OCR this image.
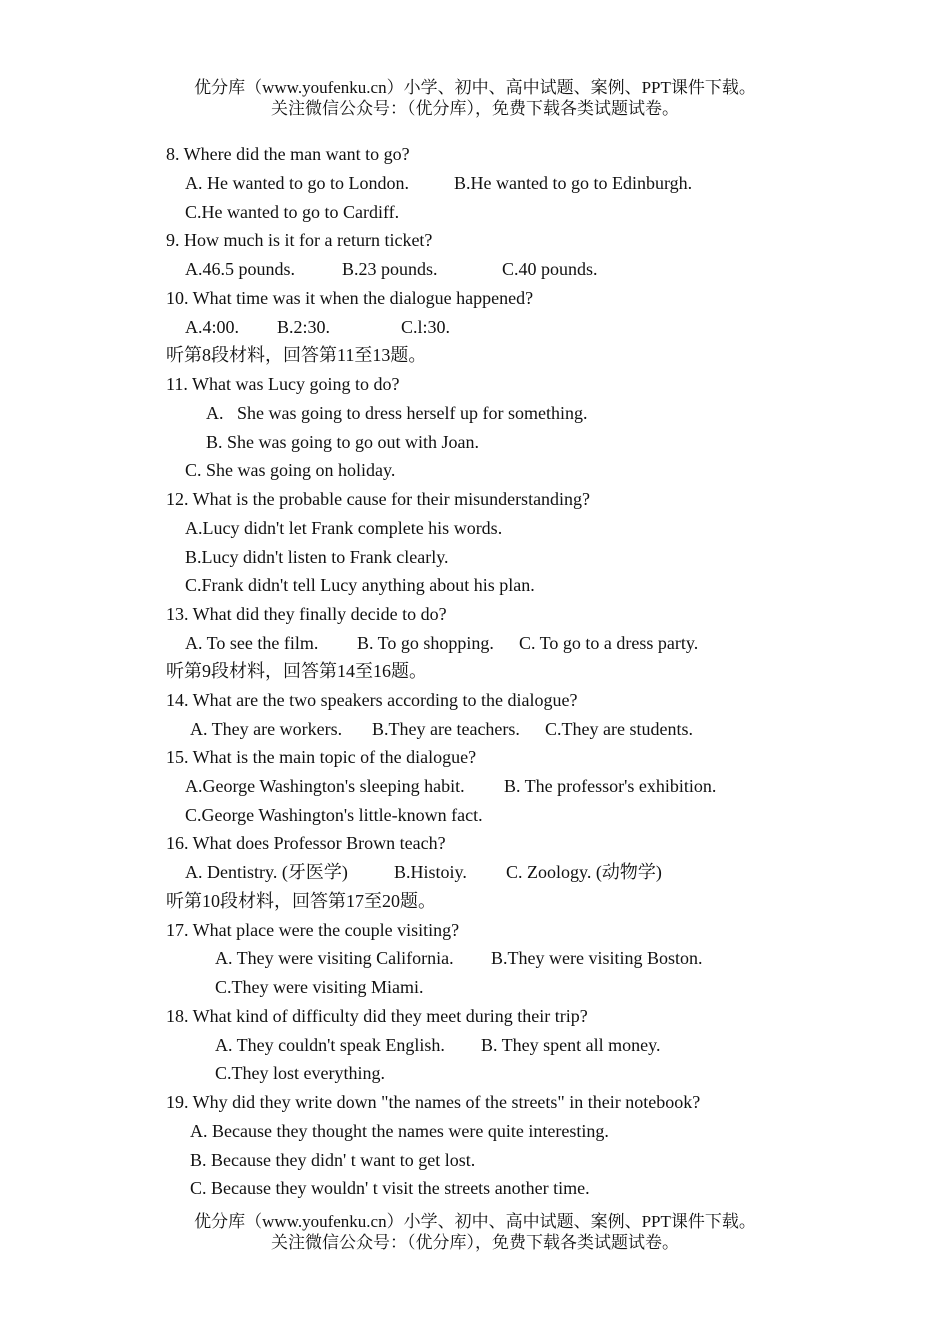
优分库（www.youfenku.cn）小学、初中、高中试题、案例、PPT课件下载。
关注微信公众号：（优分库），免费下载各类试题试卷。
8. Where did the man want to go?
A. He wanted to go to London.	B.He wanted to go to Edinburgh.
C.He wanted to go to Cardiff.
9. How much is it for a return ticket?
A.46.5 pounds.	B.23 pounds.	C.40 pounds.
10. What time was it when the dialogue happened?
A.4:00. B.2:30.	C.l:30.
听第8段材料，回答第11至13题。
11. What was Lucy going to do?
A.   She was going to dress herself up for something.
B. She was going to go out with Joan.
C. She was going on holiday.
12. What is the probable cause for their misunderstanding?
A.Lucy didn't let Frank complete his words.
B.Lucy didn't listen to Frank clearly.
C.Frank didn't tell Lucy anything about his plan.
13. What did they finally decide to do?
A. To see the film. B. To go shopping. C. To go to a dress party.
听第9段材料，回答第14至16题。
14. What are the two speakers according to the dialogue?
A. They are workers. B.They are teachers. C.They are students.
15. What is the main topic of the dialogue?
A.George Washington's sleeping habit. B. The professor's exhibition.
C.George Washington's little-known fact.
16. What does Professor Brown teach?
A. Dentistry. (牙医学)	B.Histoiy. C. Zoology. (动物学)
听第10段材料，回答第17至20题。
17. What place were the couple visiting?
A. They were visiting California. B.They were visiting Boston.
C.They were visiting Miami.
18. What kind of difficulty did they meet during their trip?
A. They couldn't speak English. B. They spent all money.
C.They lost everything.
19. Why did they write down "the names of the streets" in their notebook?
A. Because they thought the names were quite interesting.
B. Because they didn' t want to get lost.
C. Because they wouldn' t visit the streets another time.
优分库（www.youfenku.cn）小学、初中、高中试题、案例、PPT课件下载。
关注微信公众号：（优分库），免费下载各类试题试卷。
